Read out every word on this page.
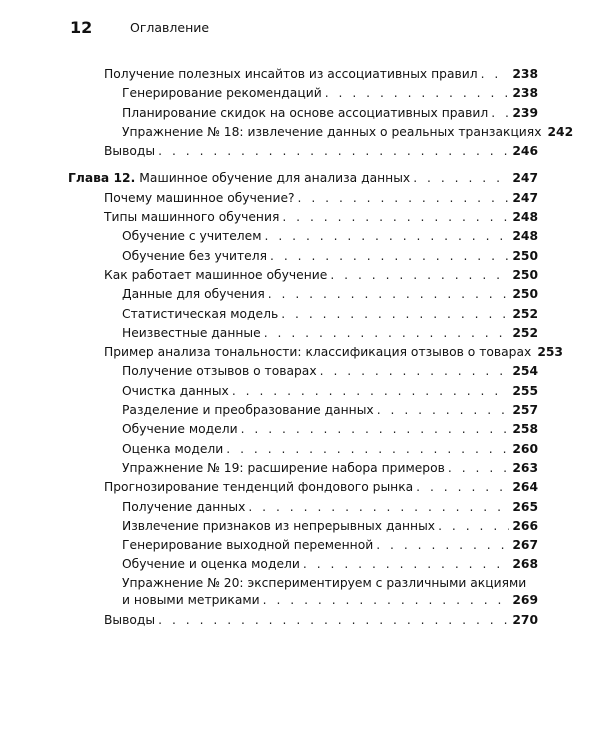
12	Оглавление
Получение полезных инсайтов из ассоциативных правил . . .	238
Генерирование рекомендаций . . .	238
Планирование скидок на основе ассоциативных правил . . . 239
Упражнение № 18: извлечение данных о реальных транзакциях 242
Выводы . . .	246
Глава 12. Машинное обучение для анализа данных . . .	247
Почему машинное обучение? . . .	247
Типы машинного обучения . . .	248
Обучение с учителем . . .	248
Обучение без учителя . . .	250
Как работает машинное обучение . . .	250
Данные для обучения . . .	250
Статистическая модель . . .	252
Неизвестные данные . . .	252
Пример анализа тональности: классификация отзывов о товарах 253
Получение отзывов о товарах . . .	254
Очистка данных . . .	255
Разделение и преобразование данных . . .	257
Обучение модели . . .	258
Оценка модели . . .	260
Упражнение № 19: расширение набора примеров . . .	263
Прогнозирование тенденций фондового рынка . . .	264
Получение данных . . .	265
Извлечение признаков из непрерывных данных . . .	266
Генерирование выходной переменной . . .	267
Обучение и оценка модели . . .	268
Упражнение № 20: экспериментируем с различными акциями
и новыми метриками . . .	269
Выводы . . .	270
